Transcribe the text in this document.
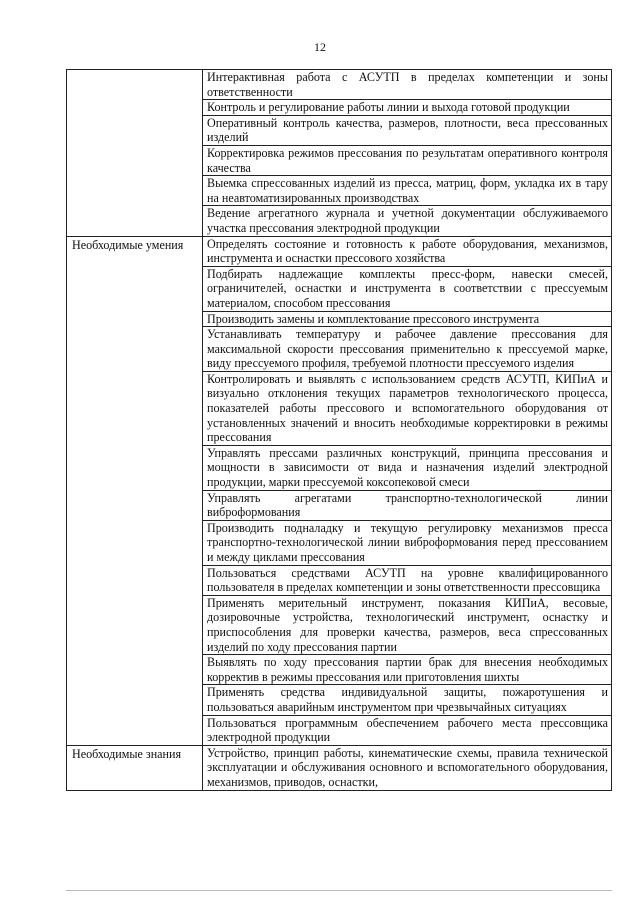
12
	Интерактивная работа с АСУТП в пределах компетенции и зоны ответственности
	Контроль и регулирование работы линии и выхода готовой продукции
	Оперативный контроль качества, размеров, плотности, веса прессованных изделий
	Корректировка режимов прессования по результатам оперативного контроля качества
	Выемка спрессованных изделий из пресса, матриц, форм, укладка их в тару на неавтоматизированных производствах
	Ведение агрегатного журнала и учетной документации обслуживаемого участка прессования электродной продукции
Необходимые умения	Определять состояние и готовность к работе оборудования, механизмов, инструмента и оснастки прессового хозяйства
	Подбирать надлежащие комплекты пресс-форм, навески смесей, ограничителей, оснастки и инструмента в соответствии с прессуемым материалом, способом прессования
	Производить замены и комплектование прессового инструмента
	Устанавливать температуру и рабочее давление прессования для максимальной скорости прессования применительно к прессуемой марке, виду прессуемого профиля, требуемой плотности прессуемого изделия
	Контролировать и выявлять с использованием средств АСУТП, КИПиА и визуально отклонения текущих параметров технологического процесса, показателей работы прессового и вспомогательного оборудования от установленных значений и вносить необходимые корректировки в режимы прессования
	Управлять прессами различных конструкций, принципа прессования и мощности в зависимости от вида и назначения изделий электродной продукции, марки прессуемой коксопековой смеси
	Управлять агрегатами транспортно-технологической линии виброформования
	Производить подналадку и текущую регулировку механизмов пресса транспортно-технологической линии виброформования перед прессованием и между циклами прессования
	Пользоваться средствами АСУТП на уровне квалифицированного пользователя в пределах компетенции и зоны ответственности прессовщика
	Применять мерительный инструмент, показания КИПиА, весовые, дозировочные устройства, технологический инструмент, оснастку и приспособления для проверки качества, размеров, веса спрессованных изделий по ходу прессования партии
	Выявлять по ходу прессования партии брак для внесения необходимых корректив в режимы прессования или приготовления шихты
	Применять средства индивидуальной защиты, пожаротушения и пользоваться аварийным инструментом при чрезвычайных ситуациях
	Пользоваться программным обеспечением рабочего места прессовщика электродной продукции
Необходимые знания	Устройство, принцип работы, кинематические схемы, правила технической эксплуатации и обслуживания основного и вспомогательного оборудования, механизмов, приводов, оснастки,
